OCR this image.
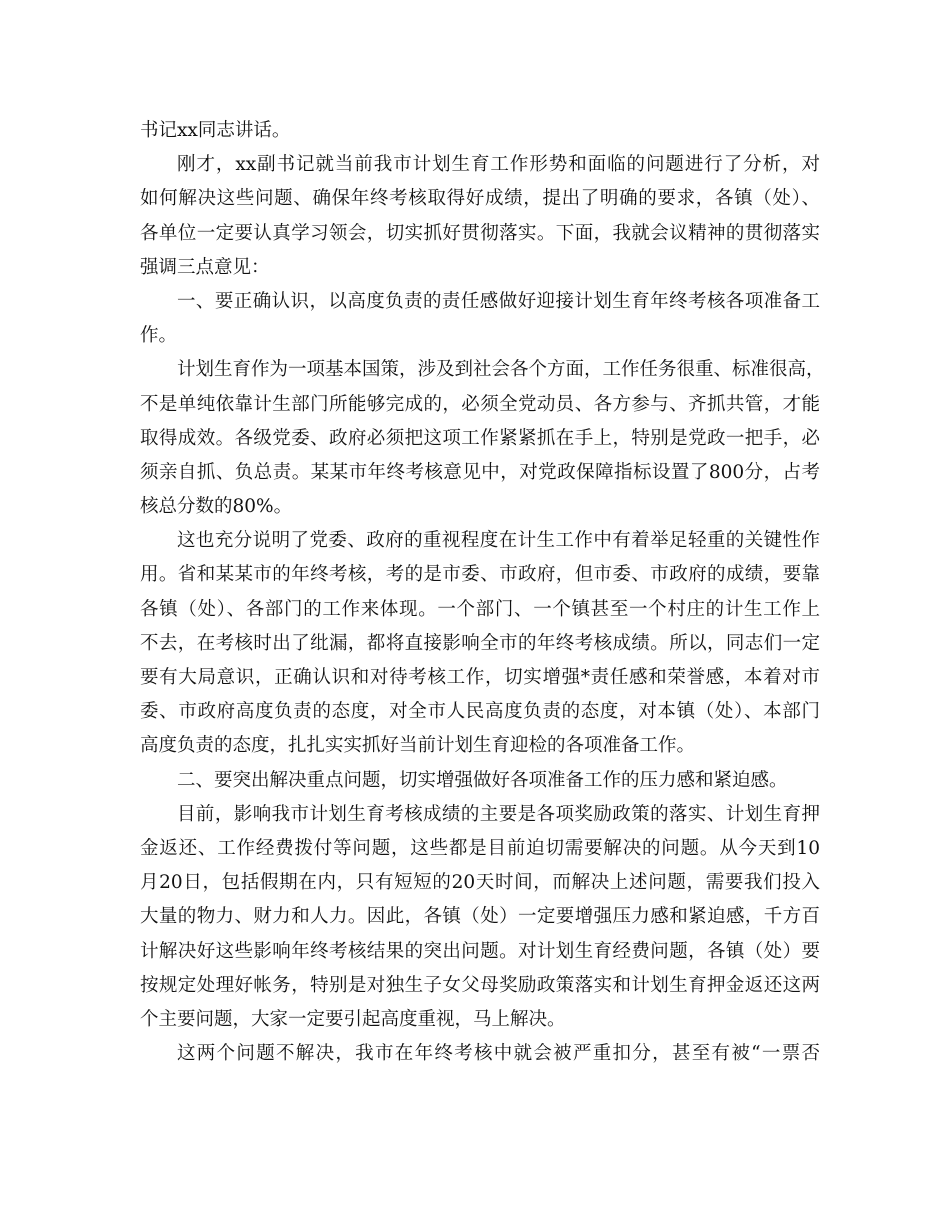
书记xx同志讲话。

刚才，xx副书记就当前我市计划生育工作形势和面临的问题进行了分析，对

如何解决这些问题、确保年终考核取得好成绩，提出了明确的要求，各镇（处）、

各单位一定要认真学习领会，切实抓好贯彻落实。下面，我就会议精神的贯彻落实

强调三点意见：

一、要正确认识，以高度负责的责任感做好迎接计划生育年终考核各项准备工

作。

计划生育作为一项基本国策，涉及到社会各个方面，工作任务很重、标准很高，

不是单纯依靠计生部门所能够完成的，必须全党动员、各方参与、齐抓共管，才能

取得成效。各级党委、政府必须把这项工作紧紧抓在手上，特别是党政一把手，必

须亲自抓、负总责。某某市年终考核意见中，对党政保障指标设置了800分，占考

核总分数的80%。

这也充分说明了党委、政府的重视程度在计生工作中有着举足轻重的关键性作

用。省和某某市的年终考核，考的是市委、市政府，但市委、市政府的成绩，要靠

各镇（处）、各部门的工作来体现。一个部门、一个镇甚至一个村庄的计生工作上

不去，在考核时出了纰漏，都将直接影响全市的年终考核成绩。所以，同志们一定

要有大局意识，正确认识和对待考核工作，切实增强*责任感和荣誉感，本着对市

委、市政府高度负责的态度，对全市人民高度负责的态度，对本镇（处）、本部门

高度负责的态度，扎扎实实抓好当前计划生育迎检的各项准备工作。

二、要突出解决重点问题，切实增强做好各项准备工作的压力感和紧迫感。

目前，影响我市计划生育考核成绩的主要是各项奖励政策的落实、计划生育押

金返还、工作经费拨付等问题，这些都是目前迫切需要解决的问题。从今天到10

月20日，包括假期在内，只有短短的20天时间，而解决上述问题，需要我们投入

大量的物力、财力和人力。因此，各镇（处）一定要增强压力感和紧迫感，千方百

计解决好这些影响年终考核结果的突出问题。对计划生育经费问题，各镇（处）要

按规定处理好帐务，特别是对独生子女父母奖励政策落实和计划生育押金返还这两

个主要问题，大家一定要引起高度重视，马上解决。

这两个问题不解决，我市在年终考核中就会被严重扣分，甚至有被“一票否
